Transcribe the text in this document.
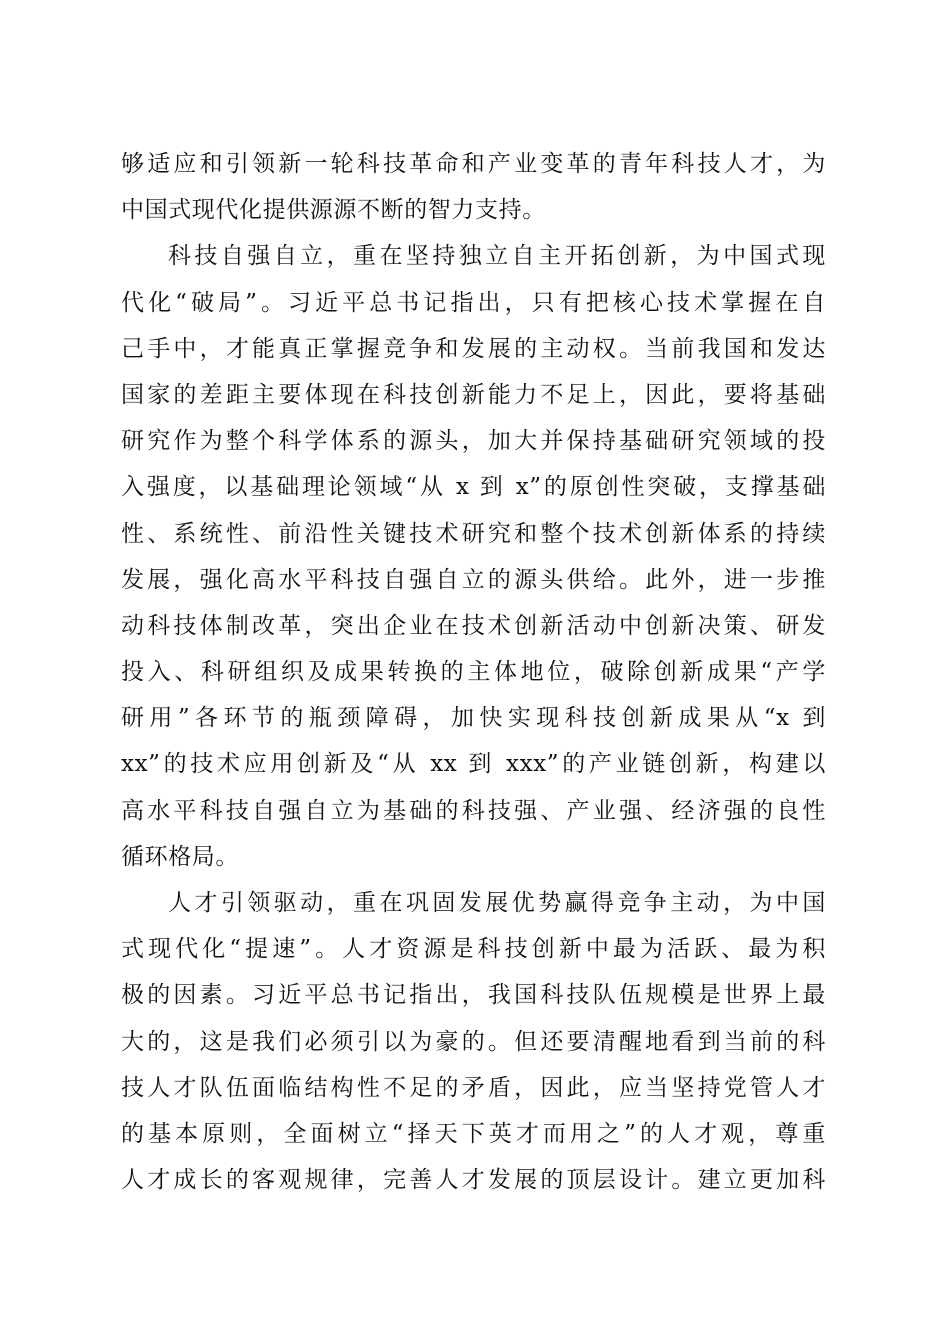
够适应和引领新一轮科技革命和产业变革的青年科技人才，为
中国式现代化提供源源不断的智力支持。
科技自强自立，重在坚持独立自主开拓创新，为中国式现
代化“破局”。习近平总书记指出，只有把核心技术掌握在自
己手中，才能真正掌握竞争和发展的主动权。当前我国和发达
国家的差距主要体现在科技创新能力不足上，因此，要将基础
研究作为整个科学体系的源头，加大并保持基础研究领域的投
入强度，以基础理论领域“从 x 到 x”的原创性突破，支撑基础
性、系统性、前沿性关键技术研究和整个技术创新体系的持续
发展，强化高水平科技自强自立的源头供给。此外，进一步推
动科技体制改革，突出企业在技术创新活动中创新决策、研发
投入、科研组织及成果转换的主体地位，破除创新成果“产学
研用”各环节的瓶颈障碍，加快实现科技创新成果从“x 到
xx”的技术应用创新及“从 xx 到 xxx”的产业链创新，构建以
高水平科技自强自立为基础的科技强、产业强、经济强的良性
循环格局。
人才引领驱动，重在巩固发展优势赢得竞争主动，为中国
式现代化“提速”。人才资源是科技创新中最为活跃、最为积
极的因素。习近平总书记指出，我国科技队伍规模是世界上最
大的，这是我们必须引以为豪的。但还要清醒地看到当前的科
技人才队伍面临结构性不足的矛盾，因此，应当坚持党管人才
的基本原则，全面树立“择天下英才而用之”的人才观，尊重
人才成长的客观规律，完善人才发展的顶层设计。建立更加科
